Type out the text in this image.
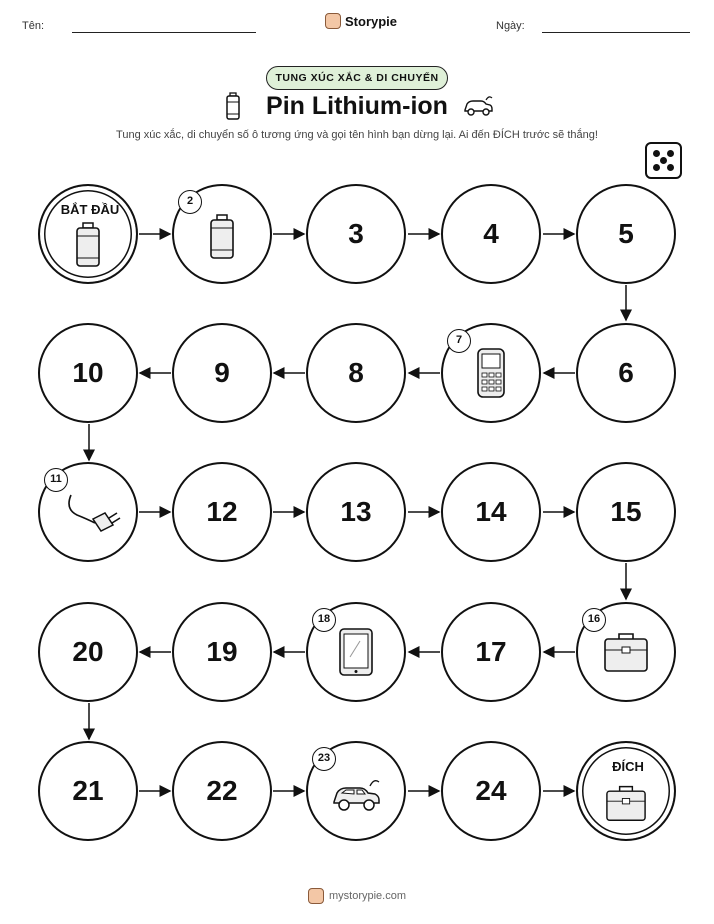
Tên:	Storypie	Ngày:
TUNG XÚC XẮC & DI CHUYỂN
Pin Lithium-ion
Tung xúc xắc, di chuyển số ô tương ứng và gọi tên hình bạn dừng lại. Ai đến ĐÍCH trước sẽ thắng!
BẮT ĐẦU
2
3	4	5
10	9	8
7
6
11
12	13	14	15
20	19
18
17
16
21	22
23
24
ĐÍCH
mystorypie.com
